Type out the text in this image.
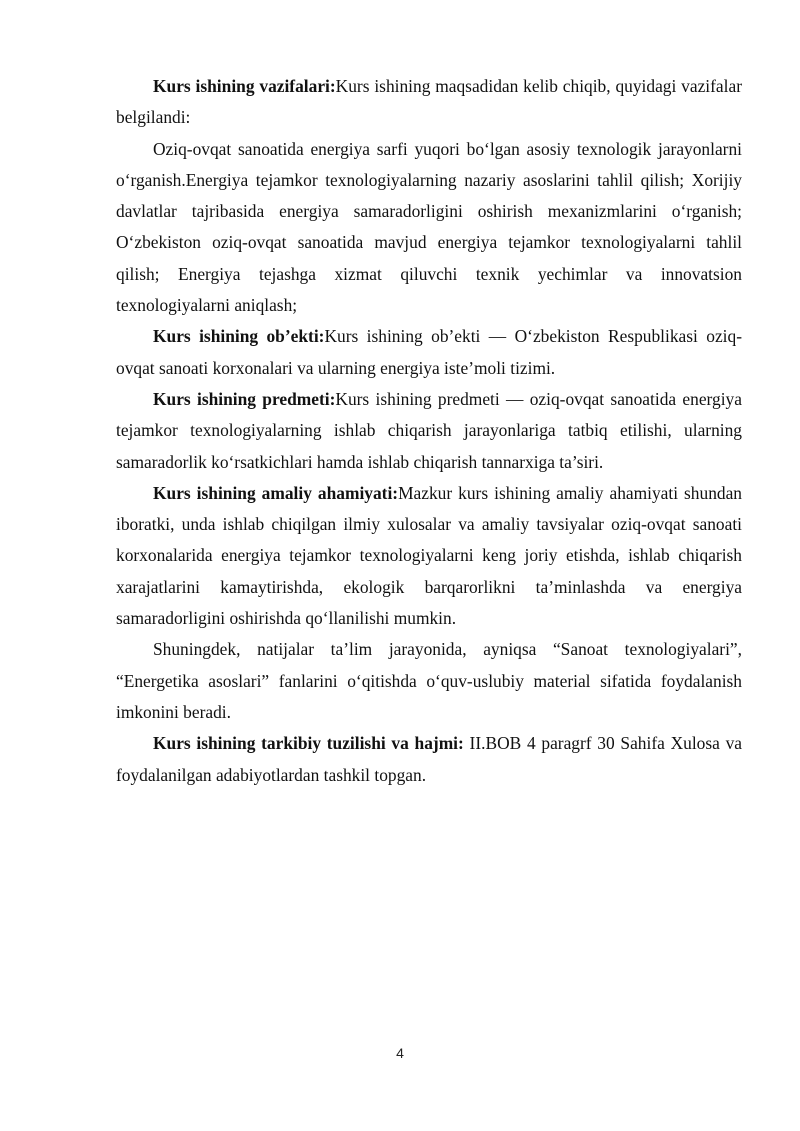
Kurs ishining vazifalari:Kurs ishining maqsadidan kelib chiqib, quyidagi vazifalar belgilandi:

Oziq-ovqat sanoatida energiya sarfi yuqori bo‘lgan asosiy texnologik jarayonlarni o‘rganish.Energiya tejamkor texnologiyalarning nazariy asoslarini tahlil qilish; Xorijiy davlatlar tajribasida energiya samaradorligini oshirish mexanizmlarini o‘rganish; O‘zbekiston oziq-ovqat sanoatida mavjud energiya tejamkor texnologiyalarni tahlil qilish; Energiya tejashga xizmat qiluvchi texnik yechimlar va innovatsion texnologiyalarni aniqlash;

Kurs ishining ob’ekti:Kurs ishining ob’ekti — O‘zbekiston Respublikasi oziq-ovqat sanoati korxonalari va ularning energiya iste’moli tizimi.

Kurs ishining predmeti:Kurs ishining predmeti — oziq-ovqat sanoatida energiya tejamkor texnologiyalarning ishlab chiqarish jarayonlariga tatbiq etilishi, ularning samaradorlik ko‘rsatkichlari hamda ishlab chiqarish tannarxiga ta’siri.

Kurs ishining amaliy ahamiyati:Mazkur kurs ishining amaliy ahamiyati shundan iboratki, unda ishlab chiqilgan ilmiy xulosalar va amaliy tavsiyalar oziq-ovqat sanoati korxonalarida energiya tejamkor texnologiyalarni keng joriy etishda, ishlab chiqarish xarajatlarini kamaytirishda, ekologik barqarorlikni ta’minlashda va energiya samaradorligini oshirishda qo‘llanilishi mumkin.

Shuningdek, natijalar ta’lim jarayonida, ayniqsa “Sanoat texnologiyalari”, “Energetika asoslari” fanlarini o‘qitishda o‘quv-uslubiy material sifatida foydalanish imkonini beradi.

Kurs ishining tarkibiy tuzilishi va hajmi: II.BOB 4 paragrf 30 Sahifa Xulosa va foydalanilgan adabiyotlardan tashkil topgan.

4
